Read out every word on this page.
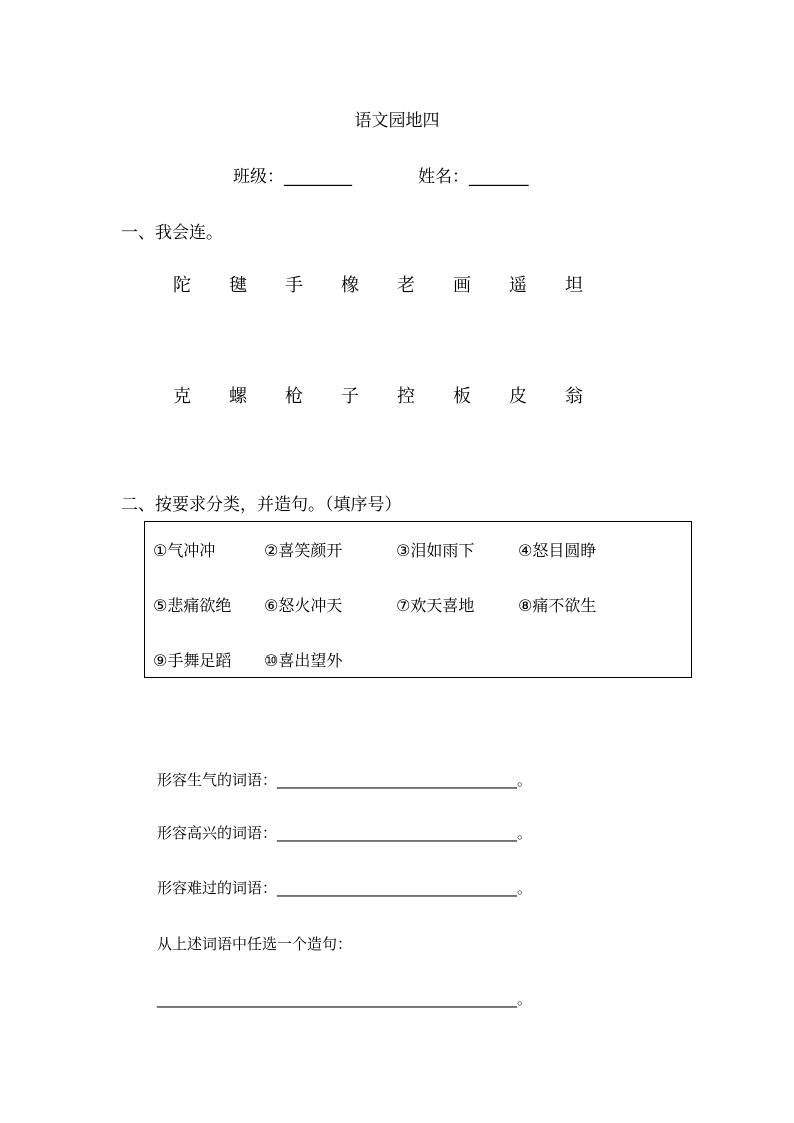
语文园地四
班级：________	姓名：_______
一、我会连。
陀 毽 手 橡 老 画 遥 坦
克 螺 枪 子 控 板 皮 翁
二、按要求分类，并造句。（填序号）
①气冲冲	②喜笑颜开	③泪如雨下	④怒目圆睁
⑤悲痛欲绝 ⑥怒火冲天	⑦欢天喜地	⑧痛不欲生
⑨手舞足蹈 ⑩喜出望外
形容生气的词语：________________________________。
形容高兴的词语：________________________________。
形容难过的词语：________________________________。
从上述词语中任选一个造句：
________________________________________________。
